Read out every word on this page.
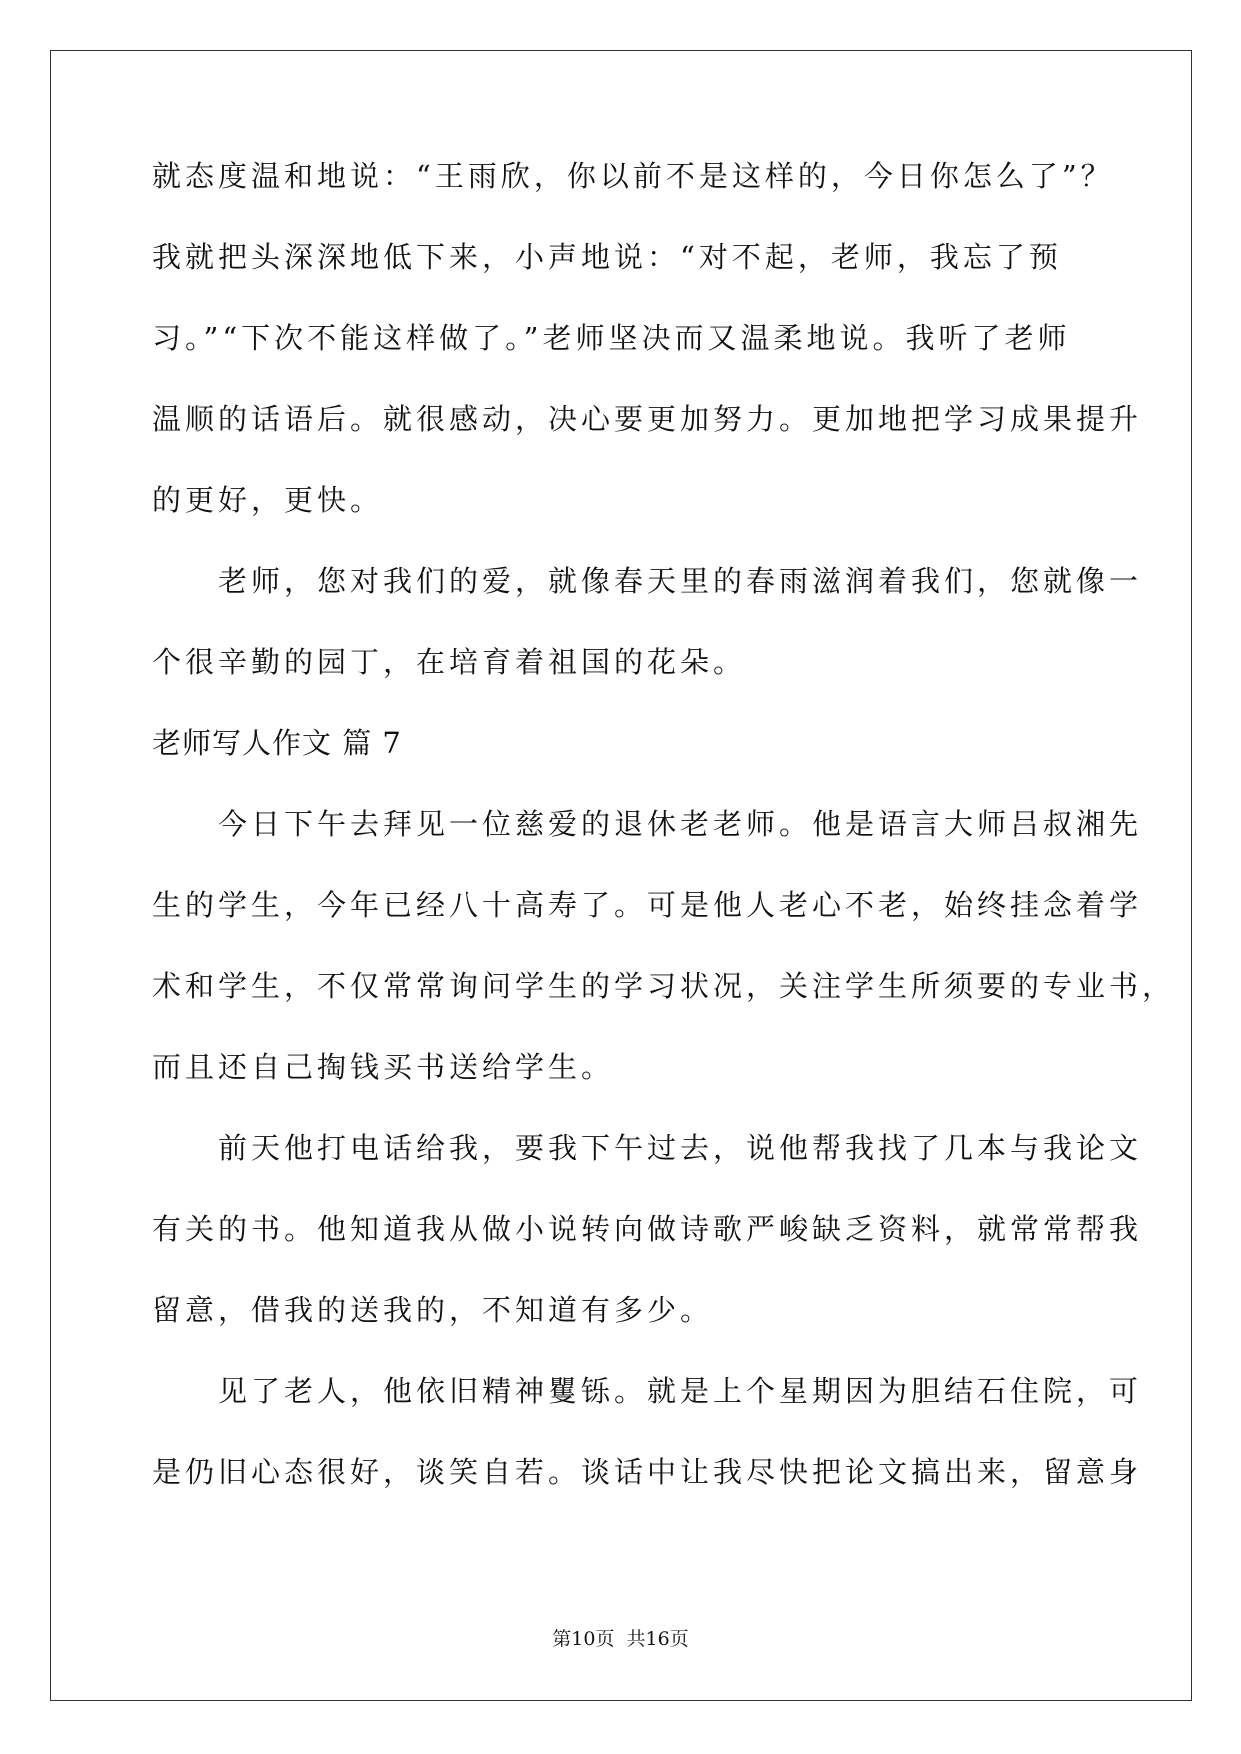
就态度温和地说：“王雨欣，你以前不是这样的，今日你怎么了”？
我就把头深深地低下来，小声地说：“对不起，老师，我忘了预
习。”“下次不能这样做了。”老师坚决而又温柔地说。我听了老师
温顺的话语后。就很感动，决心要更加努力。更加地把学习成果提升
的更好，更快。
　　老师，您对我们的爱，就像春天里的春雨滋润着我们，您就像一
个很辛勤的园丁，在培育着祖国的花朵。
老师写人作文 篇 7
　　今日下午去拜见一位慈爱的退休老老师。他是语言大师吕叔湘先
生的学生，今年已经八十高寿了。可是他人老心不老，始终挂念着学
术和学生，不仅常常询问学生的学习状况，关注学生所须要的专业书，
而且还自己掏钱买书送给学生。
　　前天他打电话给我，要我下午过去，说他帮我找了几本与我论文
有关的书。他知道我从做小说转向做诗歌严峻缺乏资料，就常常帮我
留意，借我的送我的，不知道有多少。
　　见了老人，他依旧精神矍铄。就是上个星期因为胆结石住院，可
是仍旧心态很好，谈笑自若。谈话中让我尽快把论文搞出来，留意身
第10页  共16页
